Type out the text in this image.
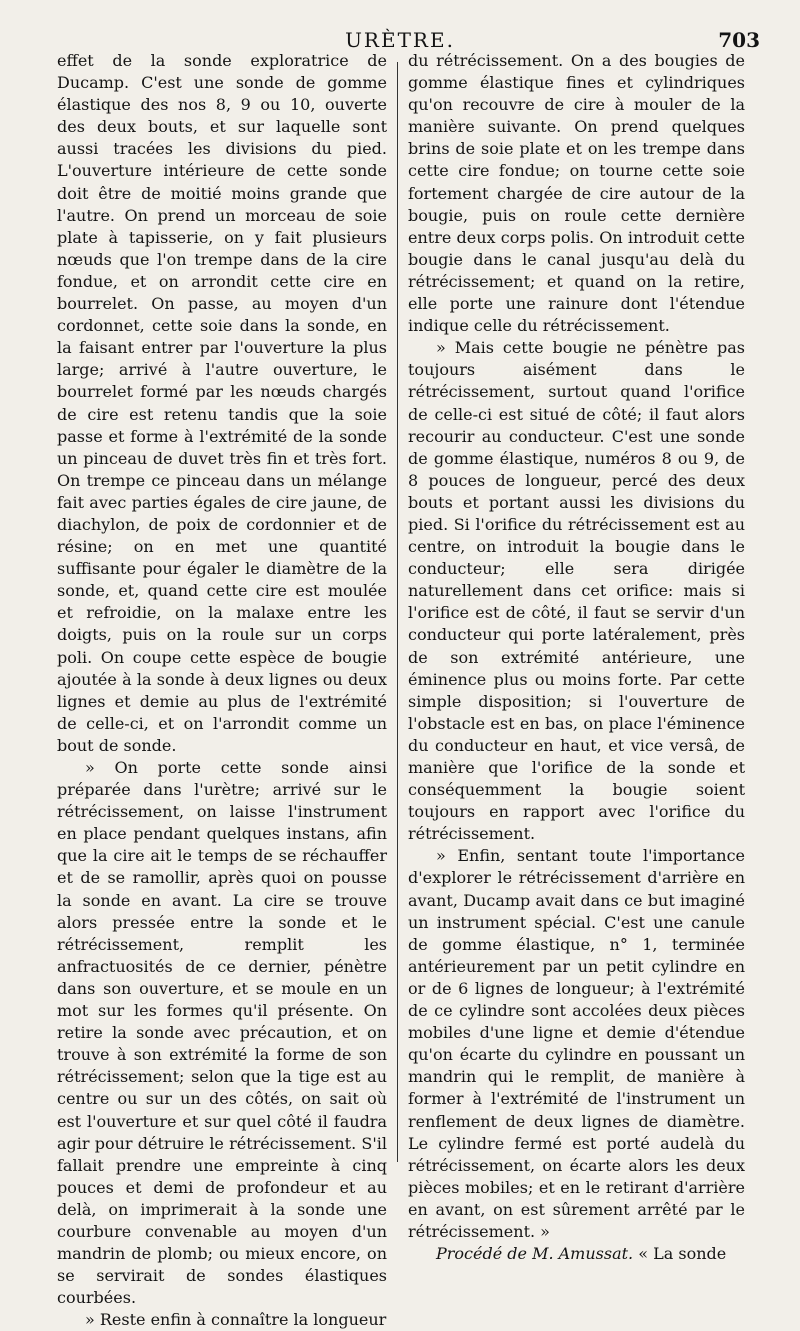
URÈTRE.	703

effet de la sonde exploratrice de Ducamp. C'est une sonde de gomme élastique des nos 8, 9 ou 10, ouverte des deux bouts, et sur laquelle sont aussi tracées les divisions du pied. L'ouverture intérieure de cette sonde doit être de moitié moins grande que l'autre. On prend un morceau de soie plate à tapisserie, on y fait plusieurs nœuds que l'on trempe dans de la cire fondue, et on arrondit cette cire en bourrelet. On passe, au moyen d'un cordonnet, cette soie dans la sonde, en la faisant entrer par l'ouverture la plus large; arrivé à l'autre ouverture, le bourrelet formé par les nœuds chargés de cire est retenu tandis que la soie passe et forme à l'extrémité de la sonde un pinceau de duvet très fin et très fort. On trempe ce pinceau dans un mélange fait avec parties égales de cire jaune, de diachylon, de poix de cordonnier et de résine; on en met une quantité suffisante pour égaler le diamètre de la sonde, et, quand cette cire est moulée et refroidie, on la malaxe entre les doigts, puis on la roule sur un corps poli. On coupe cette espèce de bougie ajoutée à la sonde à deux lignes ou deux lignes et demie au plus de l'extrémité de celle-ci, et on l'arrondit comme un bout de sonde.

» On porte cette sonde ainsi préparée dans l'urètre; arrivé sur le rétrécissement, on laisse l'instrument en place pendant quelques instans, afin que la cire ait le temps de se réchauffer et de se ramollir, après quoi on pousse la sonde en avant. La cire se trouve alors pressée entre la sonde et le rétrécissement, remplit les anfractuosités de ce dernier, pénètre dans son ouverture, et se moule en un mot sur les formes qu'il présente. On retire la sonde avec précaution, et on trouve à son extrémité la forme de son rétrécissement; selon que la tige est au centre ou sur un des côtés, on sait où est l'ouverture et sur quel côté il faudra agir pour détruire le rétrécissement. S'il fallait prendre une empreinte à cinq pouces et demi de profondeur et au delà, on imprimerait à la sonde une courbure convenable au moyen d'un mandrin de plomb; ou mieux encore, on se servirait de sondes élastiques courbées.

» Reste enfin à connaître la longueur

du rétrécissement. On a des bougies de gomme élastique fines et cylindriques qu'on recouvre de cire à mouler de la manière suivante. On prend quelques brins de soie plate et on les trempe dans cette cire fondue; on tourne cette soie fortement chargée de cire autour de la bougie, puis on roule cette dernière entre deux corps polis. On introduit cette bougie dans le canal jusqu'au delà du rétrécissement; et quand on la retire, elle porte une rainure dont l'étendue indique celle du rétrécissement.

» Mais cette bougie ne pénètre pas toujours aisément dans le rétrécissement, surtout quand l'orifice de celle-ci est situé de côté; il faut alors recourir au conducteur. C'est une sonde de gomme élastique, numéros 8 ou 9, de 8 pouces de longueur, percé des deux bouts et portant aussi les divisions du pied. Si l'orifice du rétrécissement est au centre, on introduit la bougie dans le conducteur; elle sera dirigée naturellement dans cet orifice: mais si l'orifice est de côté, il faut se servir d'un conducteur qui porte latéralement, près de son extrémité antérieure, une éminence plus ou moins forte. Par cette simple disposition; si l'ouverture de l'obstacle est en bas, on place l'éminence du conducteur en haut, et vice versâ, de manière que l'orifice de la sonde et conséquemment la bougie soient toujours en rapport avec l'orifice du rétrécissement.

» Enfin, sentant toute l'importance d'explorer le rétrécissement d'arrière en avant, Ducamp avait dans ce but imaginé un instrument spécial. C'est une canule de gomme élastique, n° 1, terminée antérieurement par un petit cylindre en or de 6 lignes de longueur; à l'extrémité de ce cylindre sont accolées deux pièces mobiles d'une ligne et demie d'étendue qu'on écarte du cylindre en poussant un mandrin qui le remplit, de manière à former à l'extrémité de l'instrument un renflement de deux lignes de diamètre. Le cylindre fermé est porté audelà du rétrécissement, on écarte alors les deux pièces mobiles; et en le retirant d'arrière en avant, on est sûrement arrêté par le rétrécissement. »

Procédé de M. Amussat. « La sonde
